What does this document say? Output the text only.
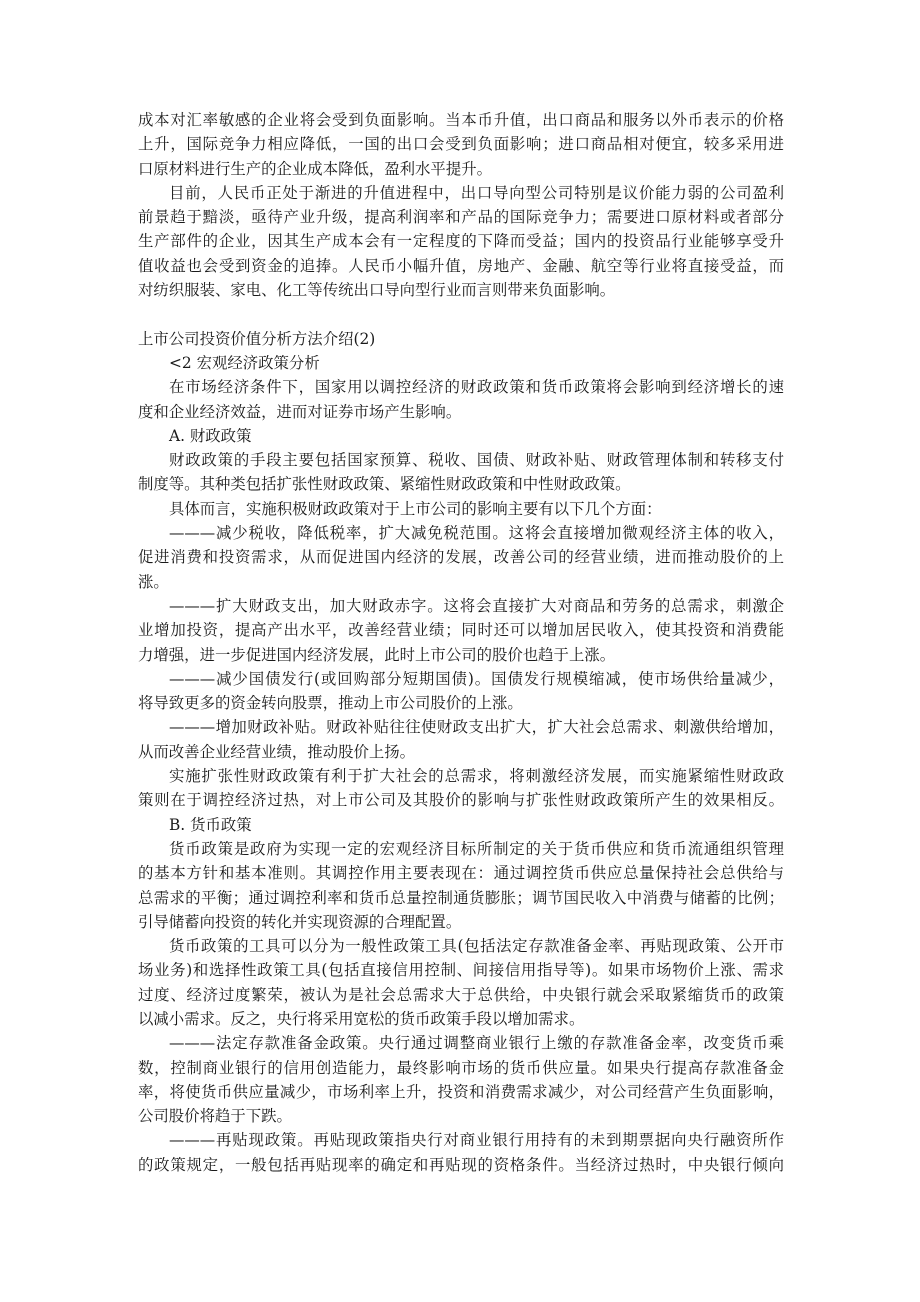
成本对汇率敏感的企业将会受到负面影响。当本币升值，出口商品和服务以外币表示的价格
上升，国际竞争力相应降低，一国的出口会受到负面影响；进口商品相对便宜，较多采用进
口原材料进行生产的企业成本降低，盈利水平提升。
目前，人民币正处于渐进的升值进程中，出口导向型公司特别是议价能力弱的公司盈利
前景趋于黯淡，亟待产业升级，提高利润率和产品的国际竞争力；需要进口原材料或者部分
生产部件的企业，因其生产成本会有一定程度的下降而受益；国内的投资品行业能够享受升
值收益也会受到资金的追捧。人民币小幅升值，房地产、金融、航空等行业将直接受益，而
对纺织服装、家电、化工等传统出口导向型行业而言则带来负面影响。
上市公司投资价值分析方法介绍(2)
<2 宏观经济政策分析
在市场经济条件下，国家用以调控经济的财政政策和货币政策将会影响到经济增长的速
度和企业经济效益，进而对证券市场产生影响。
A. 财政政策
财政政策的手段主要包括国家预算、税收、国债、财政补贴、财政管理体制和转移支付
制度等。其种类包括扩张性财政政策、紧缩性财政政策和中性财政政策。
具体而言，实施积极财政政策对于上市公司的影响主要有以下几个方面：
———减少税收，降低税率，扩大减免税范围。这将会直接增加微观经济主体的收入，
促进消费和投资需求，从而促进国内经济的发展，改善公司的经营业绩，进而推动股价的上
涨。
———扩大财政支出，加大财政赤字。这将会直接扩大对商品和劳务的总需求，刺激企
业增加投资，提高产出水平，改善经营业绩；同时还可以增加居民收入，使其投资和消费能
力增强，进一步促进国内经济发展，此时上市公司的股价也趋于上涨。
———减少国债发行(或回购部分短期国债)。国债发行规模缩减，使市场供给量减少，
将导致更多的资金转向股票，推动上市公司股价的上涨。
———增加财政补贴。财政补贴往往使财政支出扩大，扩大社会总需求、刺激供给增加，
从而改善企业经营业绩，推动股价上扬。
实施扩张性财政政策有利于扩大社会的总需求，将刺激经济发展，而实施紧缩性财政政
策则在于调控经济过热，对上市公司及其股价的影响与扩张性财政政策所产生的效果相反。
B. 货币政策
货币政策是政府为实现一定的宏观经济目标所制定的关于货币供应和货币流通组织管理
的基本方针和基本准则。其调控作用主要表现在：通过调控货币供应总量保持社会总供给与
总需求的平衡；通过调控利率和货币总量控制通货膨胀；调节国民收入中消费与储蓄的比例；
引导储蓄向投资的转化并实现资源的合理配置。
货币政策的工具可以分为一般性政策工具(包括法定存款准备金率、再贴现政策、公开市
场业务)和选择性政策工具(包括直接信用控制、间接信用指导等)。如果市场物价上涨、需求
过度、经济过度繁荣，被认为是社会总需求大于总供给，中央银行就会采取紧缩货币的政策
以减小需求。反之，央行将采用宽松的货币政策手段以增加需求。
———法定存款准备金政策。央行通过调整商业银行上缴的存款准备金率，改变货币乘
数，控制商业银行的信用创造能力，最终影响市场的货币供应量。如果央行提高存款准备金
率，将使货币供应量减少，市场利率上升，投资和消费需求减少，对公司经营产生负面影响，
公司股价将趋于下跌。
———再贴现政策。再贴现政策指央行对商业银行用持有的未到期票据向央行融资所作
的政策规定，一般包括再贴现率的确定和再贴现的资格条件。当经济过热时，中央银行倾向
